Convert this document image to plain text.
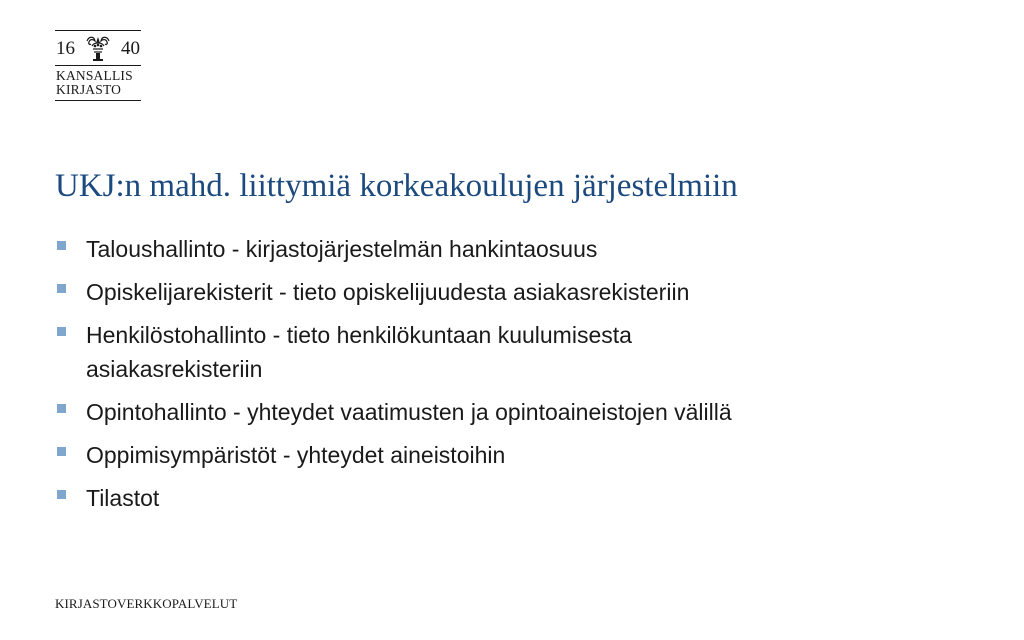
16 40
KANSALLIS
KIRJASTO
UKJ:n mahd. liittymiä korkeakoulujen järjestelmiin
Taloushallinto - kirjastojärjestelmän hankintaosuus
Opiskelijarekisterit - tieto opiskelijuudesta asiakasrekisteriin
Henkilöstohallinto - tieto henkilökuntaan kuulumisesta asiakasrekisteriin
Opintohallinto - yhteydet vaatimusten ja opintoaineistojen välillä
Oppimisympäristöt - yhteydet aineistoihin
Tilastot
KIRJASTOVERKKOPALVELUT
